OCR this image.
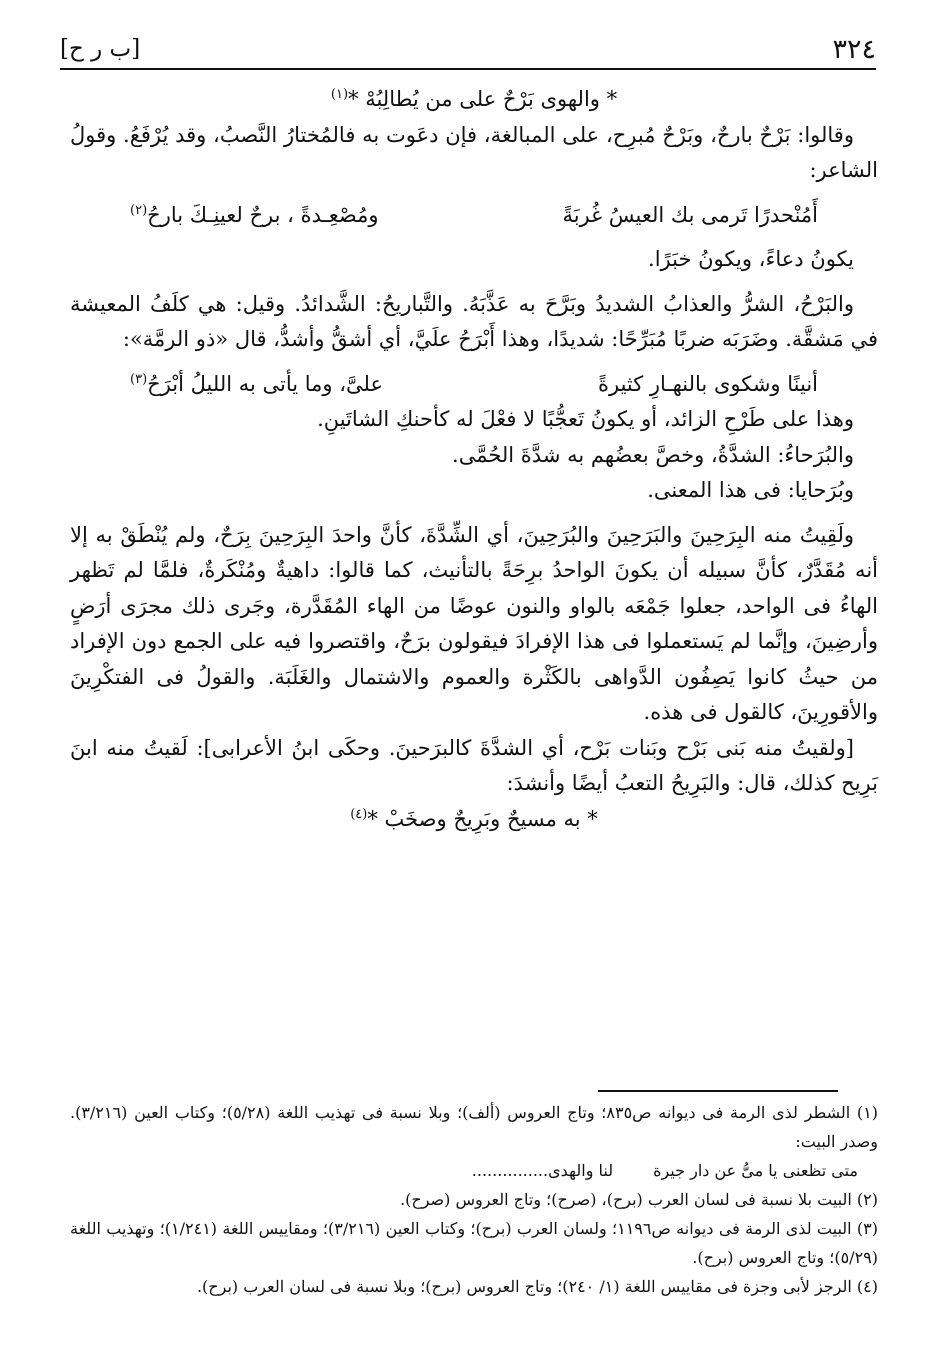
٣٢٤
[ب ر ح]

* والهوى بَرْحٌ على من يُطالِبُهْ *$^{(١)}$

وقالوا: بَرْحٌ بارحٌ، وبَرْحٌ مُبرِح، على المبالغة، فإن دعَوت به فالمُختارُ النَّصبُ، وقد يُرْفَعُ. وقولُ الشاعر:

أَمُنْحدرًا تَرمى بك العيسُ غُربَةً
ومُصْعِـدةً ، برحٌ لعينِـكَ بارحُ$^{(٢)}$

يكونُ دعاءً، ويكونُ خبَرًا.

والبَرْحُ، الشرُّ والعذابُ الشديدُ وبَرَّحَ به عَذَّبَهُ. والتَّباريحُ: الشَّدائدُ. وقيل: هي كلَفُ المعيشة في مَشقَّة. وضَرَبَه ضربًا مُبَرِّحًا: شديدًا، وهذا أَبْرَحُ علَيَّ، أي أشقُّ وأشدُّ، قال «ذو الرمَّة»:

أنينًا وشكوى بالنهـارِ كثيرةً
علىَّ، وما يأتى به الليلُ أبْرَحُ$^{(٣)}$

وهذا على طَرْحِ الزائد، أو يكونُ تَعجُّبًا لا فعْلَ له كأحنكِ الشاتَينِ.

والبُرَحاءُ: الشدَّةُ، وخصَّ بعضُهم به شدَّةَ الحُمَّى.

وبُرَحايا: فى هذا المعنى.

ولَقِيتُ منه البِرَحِينَ والبَرَحِينَ والبُرَحِينَ، أي الشِّدَّةَ، كأنَّ واحدَ البِرَحِينَ بِرَحٌ، ولم يُنْطَقْ به إلا أنه مُقَدَّرٌ، كأنَّ سبيله أن يكونَ الواحدُ برِحَةً بالتأنيث، كما قالوا: داهيةٌ ومُنْكَرةٌ، فلمَّا لم تَظهر الهاءُ فى الواحد، جعلوا جَمْعَه بالواو والنون عوضًا من الهاء المُقَدَّرة، وجَرى ذلك مجرَى أرَضٍ وأرضِينَ، وإنَّما لم يَستعملوا فى هذا الإفرادَ فيقولون برَحٌ، واقتصروا فيه على الجمع دون الإفراد من حيثُ كانوا يَصِفُون الدَّواهى بالكَثْرة والعموم والاشتمال والغَلَبَة. والقولُ فى الفتكْرِينَ والأقورِينَ، كالقول فى هذه.

[ولقيتُ منه بَنى بَرْح وبَنات بَرْح، أي الشدَّةَ كالبرَحينَ. وحكَى ابنُ الأعرابى]: لَقيتُ منه ابنَ بَرِيح كذلك، قال: والبَرِيحُ التعبُ أيضًا وأنشدَ:

* به مسيحٌ وبَرِيحٌ وصخَبْ *$^{(٤)}$

(١) الشطر لذى الرمة فى ديوانه ص٨٣٥؛ وتاج العروس (ألف)؛ وبلا نسبة فى تهذيب اللغة (٥/٢٨)؛ وكتاب العين (٣/٢١٦). وصدر البيت:

متى تظعنى يا مىُّ عن دار جيرة
لنا والهدى...............

(٢) البيت بلا نسبة فى لسان العرب (برح)، (صرح)؛ وتاج العروس (صرح).

(٣) البيت لذى الرمة فى ديوانه ص١١٩٦؛ ولسان العرب (برح)؛ وكتاب العين (٣/٢١٦)؛ ومقاييس اللغة (١/٢٤١)؛ وتهذيب اللغة (٥/٢٩)؛ وتاج العروس (برح).

(٤) الرجز لأبى وجزة فى مقاييس اللغة (١/ ٢٤٠)؛ وتاج العروس (برح)؛ وبلا نسبة فى لسان العرب (برح).
